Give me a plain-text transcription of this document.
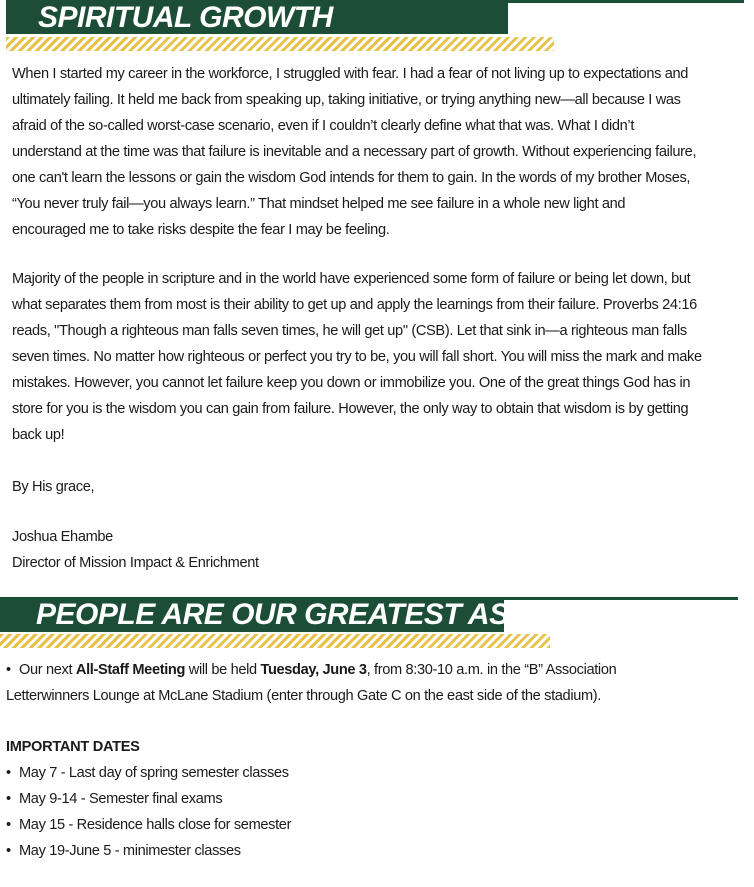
SPIRITUAL GROWTH

When I started my career in the workforce, I struggled with fear. I had a fear of not living up to expectations and
ultimately failing. It held me back from speaking up, taking initiative, or trying anything new—all because I was
afraid of the so-called worst-case scenario, even if I couldn’t clearly define what that was. What I didn’t
understand at the time was that failure is inevitable and a necessary part of growth. Without experiencing failure,
one can't learn the lessons or gain the wisdom God intends for them to gain. In the words of my brother Moses,
“You never truly fail—you always learn.” That mindset helped me see failure in a whole new light and
encouraged me to take risks despite the fear I may be feeling.

Majority of the people in scripture and in the world have experienced some form of failure or being let down, but
what separates them from most is their ability to get up and apply the learnings from their failure. Proverbs 24:16
reads, "Though a righteous man falls seven times, he will get up" (CSB). Let that sink in—a righteous man falls
seven times. No matter how righteous or perfect you try to be, you will fall short. You will miss the mark and make
mistakes. However, you cannot let failure keep you down or immobilize you. One of the great things God has in
store for you is the wisdom you can gain from failure. However, the only way to obtain that wisdom is by getting
back up!

By His grace,

Joshua Ehambe

Director of Mission Impact & Enrichment

PEOPLE ARE OUR GREATEST ASSET
• Our next All-Staff Meeting will be held Tuesday, June 3, from 8:30-10 a.m. in the “B” Association
Letterwinners Lounge at McLane Stadium (enter through Gate C on the east side of the stadium).
IMPORTANT DATES
• May 7 - Last day of spring semester classes
• May 9-14 - Semester final exams
• May 15 - Residence halls close for semester
• May 19-June 5 - minimester classes
